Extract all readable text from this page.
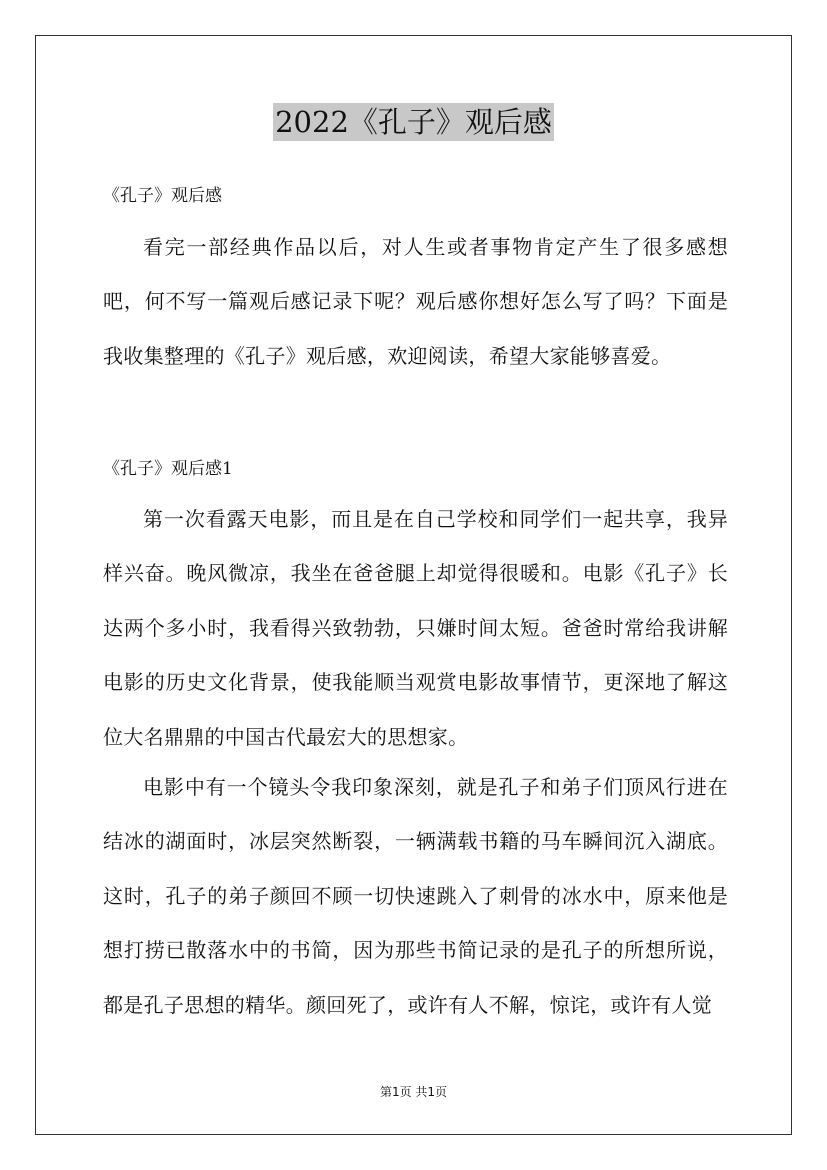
2022《孔子》观后感
《孔子》观后感

看完一部经典作品以后，对人生或者事物肯定产生了很多感想吧，何不写一篇观后感记录下呢？观后感你想好怎么写了吗？下面是我收集整理的《孔子》观后感，欢迎阅读，希望大家能够喜爱。

《孔子》观后感1

第一次看露天电影，而且是在自己学校和同学们一起共享，我异样兴奋。晚风微凉，我坐在爸爸腿上却觉得很暖和。电影《孔子》长达两个多小时，我看得兴致勃勃，只嫌时间太短。爸爸时常给我讲解电影的历史文化背景，使我能顺当观赏电影故事情节，更深地了解这位大名鼎鼎的中国古代最宏大的思想家。

电影中有一个镜头令我印象深刻，就是孔子和弟子们顶风行进在结冰的湖面时，冰层突然断裂，一辆满载书籍的马车瞬间沉入湖底。这时，孔子的弟子颜回不顾一切快速跳入了刺骨的冰水中，原来他是想打捞已散落水中的书简，因为那些书简记录的是孔子的所想所说，都是孔子思想的精华。颜回死了，或许有人不解，惊诧，或许有人觉

第1页 共1页
